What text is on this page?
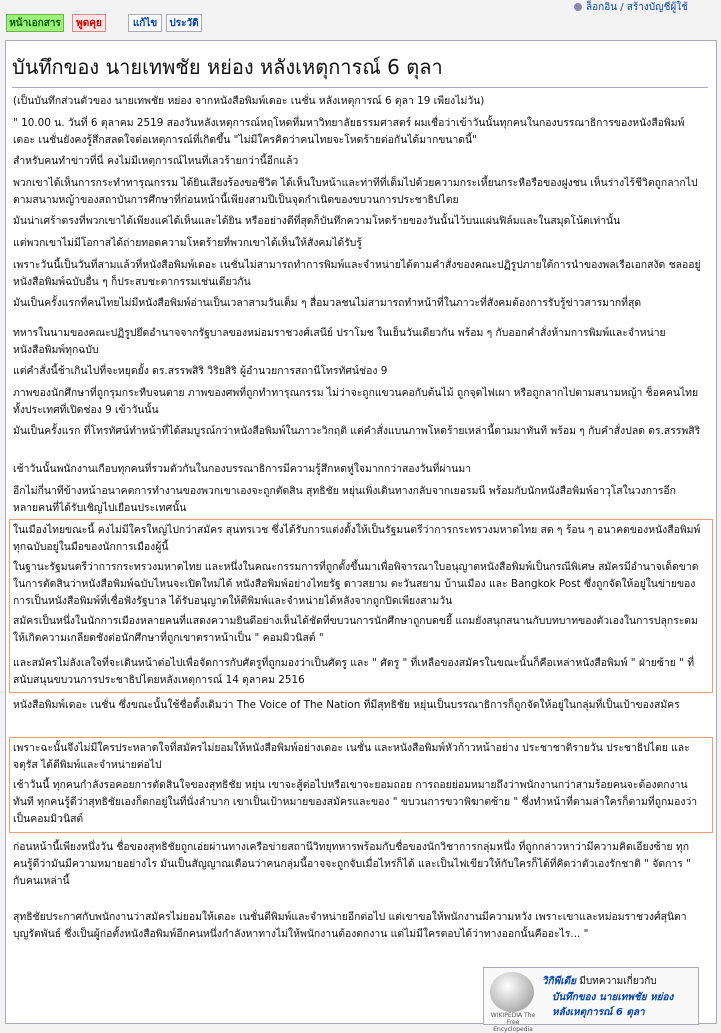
หน้าเอกสาร	พูดคุย	แก้ไข	ประวัติ
ล็อกอิน / สร้างบัญชีผู้ใช้
บันทึกของ นายเทพชัย หย่อง หลังเหตุการณ์ 6 ตุลา
(เป็นบันทึกส่วนตัวของ นายเทพชัย หย่อง จากหนังสือพิมพ์เดอะ เนชั่น หลังเหตุการณ์ 6 ตุลา 19 เพียงไม่วัน)
" 10.00 น. วันที่ 6 ตุลาคม 2519 สองวันหลังเหตุการณ์หฤโหดที่มหาวิทยาลัยธรรมศาสตร์ ผมเชื่อว่าเข้าวันนั้นทุกคนในกองบรรณาธิการของหนังสือพิมพ์เดอะ เนชั่นยังคงรู้สึกสลดใจต่อเหตุการณ์ที่เกิดขึ้น "ไม่มีใครคิดว่าคนไทยจะโหดร้ายต่อกันได้มากขนาดนี้"
สำหรับคนทำข่าวที่นี่ คงไม่มีเหตุการณ์ไหนที่เลวร้ายกว่านี้อีกแล้ว
พวกเขาได้เห็นการกระทำทารุณกรรม ได้ยินเสียงร้องขอชีวิต ได้เห็นใบหน้าและท่าทีที่เต็มไปด้วยความกระเหี้ยนกระหือรือของฝูงชน เห็นร่างไร้ชีวิตถูกลากไปตามสนามหญ้าของสถาบันการศึกษาที่ก่อนหน้านี้เพียงสามปีเป็นจุดกำเนิดของขบวนการประชาธิปไตย
มันน่าเศร้าตรงที่พวกเขาได้เพียงแค่ได้เห็นและได้ยิน หรืออย่างดีที่สุดก็บันทึกความโหดร้ายของวันนั้นไว้บนแผ่นฟิล์มและในสมุดโน้ตเท่านั้น
แต่พวกเขาไม่มีโอกาสได้ถ่ายทอดความโหดร้ายที่พวกเขาได้เห็นให้สังคมได้รับรู้
เพราะวันนี้เป็นวันที่สามแล้วที่หนังสือพิมพ์เดอะ เนชั่นไม่สามารถทำการพิมพ์และจำหน่ายได้ตามคำสั่งของคณะปฏิรูปภายใต้การนำของพลเรือเอกสงัด ชลออยู่ หนังสือพิมพ์ฉบับอื่น ๆ ก็ประสบชะตากรรมเช่นเดียวกัน
มันเป็นครั้งแรกที่คนไทยไม่มีหนังสือพิมพ์อ่านเป็นเวลาสามวันเต็ม ๆ สื่อมวลชนไม่สามารถทำหน้าที่ในภาวะที่สังคมต้องการรับรู้ข่าวสารมากที่สุด
ทหารในนามของคณะปฏิรูปยึดอำนาจจากรัฐบาลของหม่อมราชวงศ์เสนีย์ ปราโมช ในเย็นวันเดียวกัน พร้อม ๆ กับออกคำสั่งห้ามการพิมพ์และจำหน่ายหนังสือพิมพ์ทุกฉบับ
แต่คำสั่งนี้ช้าเกินไปที่จะหยุดยั้ง ดร.สรรพสิริ วิริยสิริ ผู้อำนวยการสถานีโทรทัศน์ช่อง 9
ภาพของนักศึกษาที่ถูกรุมกระทืบจนตาย ภาพของศพที่ถูกทำทารุณกรรม ไม่ว่าจะถูกแขวนคอกับต้นไม้ ถูกจุดไฟเผา หรือถูกลากไปตามสนามหญ้า ช็อคคนไทยทั้งประเทศที่เปิดช่อง 9 เข้าวันนั้น
มันเป็นครั้งแรก ที่โทรทัศน์ทำหน้าที่ได้สมบูรณ์กว่าหนังสือพิมพ์ในภาวะวิกฤติ แต่คำสั่งแบนภาพโหดร้ายเหล่านี้ตามมาทันที พร้อม ๆ กับคำสั่งปลด ดร.สรรพสิริ
เช้าวันนั้นพนักงานเกือบทุกคนที่รวมตัวกันในกองบรรณาธิการมีความรู้สึกหดหู่ใจมากกว่าสองวันที่ผ่านมา
อีกไม่กี่นาทีข้างหน้าอนาคตการทำงานของพวกเขาเองจะถูกตัดสิน สุทธิชัย หยุ่นเพิ่งเดินทางกลับจากเยอรมนี พร้อมกับนักหนังสือพิมพ์อาวุโสในวงการอีกหลายคนที่ได้รับเชิญไปเยือนประเทศนั้น
ในเมืองไทยขณะนี้ คงไม่มีใครใหญ่ไปกว่าสมัคร สุนทรเวช ซึ่งได้รับการแต่งตั้งให้เป็นรัฐมนตรีว่าการกระทรวงมหาดไทย สด ๆ ร้อน ๆ อนาคตของหนังสือพิมพ์ทุกฉบับอยู่ในมือของนักการเมืองผู้นี้
ในฐานะรัฐมนตรีว่าการกระทรวงมหาดไทย และหนึ่งในคณะกรรมการที่ถูกตั้งขึ้นมาเพื่อพิจารณาใบอนุญาตหนังสือพิมพ์เป็นกรณีพิเศษ สมัครมีอำนาจเด็ดขาดในการตัดสินว่าหนังสือพิมพ์ฉบับไหนจะเปิดใหม่ได้ หนังสือพิมพ์อย่างไทยรัฐ ดาวสยาม ตะวันสยาม บ้านเมือง และ Bangkok Post ซึ่งถูกจัดให้อยู่ในข่ายของการเป็นหนังสือพิมพ์ที่เชื่อฟังรัฐบาล ได้รับอนุญาตให้ตีพิมพ์และจำหน่ายได้หลังจากถูกปิดเพียงสามวัน
สมัครเป็นหนึ่งในนักการเมืองหลายคนที่แสดงความยินดีอย่างเห็นได้ชัดที่ขบวนการนักศึกษาถูกบดขยี้ แถมยังสนุกสนานกับบทบาทของตัวเองในการปลุกระดมให้เกิดความเกลียดชังต่อนักศึกษาที่ถูกเขาตราหน้าเป็น " คอมมิวนิสต์ "
และสมัครไม่ลังเลใจที่จะเดินหน้าต่อไปเพื่อจัดการกับศัตรูที่ถูกมองว่าเป็นศัตรู และ " ศัตรู " ที่เหลือของสมัครในขณะนั้นก็คือเหล่าหนังสือพิมพ์ " ฝ่ายซ้าย " ที่สนับสนุนขบวนการประชาธิปไตยหลังเหตุการณ์ 14 ตุลาคม 2516
หนังสือพิมพ์เดอะ เนชั่น ซึ่งขณะนั้นใช้ชื่อดั้งเดิมว่า The Voice of The Nation ที่มีสุทธิชัย หยุ่นเป็นบรรณาธิการก็ถูกจัดให้อยู่ในกลุ่มที่เป็นเป้าของสมัคร
เพราะฉะนั้นจึงไม่มีใครประหลาดใจที่สมัครไม่ยอมให้หนังสือพิมพ์อย่างเดอะ เนชั่น และหนังสือพิมพ์หัวก้าวหน้าอย่าง ประชาชาติรายวัน ประชาธิปไตย และจตุรัส ได้ตีพิมพ์และจำหน่ายต่อไป
เช้าวันนี้ ทุกคนกำลังรอคอยการตัดสินใจของสุทธิชัย หยุ่น เขาจะสู้ต่อไปหรือเขาจะยอมถอย การถอยย่อมหมายถึงว่าพนักงานกว่าสามร้อยคนจะต้องตกงานทันที ทุกคนรู้ดีว่าสุทธิชัยเองก็ตกอยู่ในที่นั่งลำบาก เขาเป็นเป้าหมายของสมัครและของ " ขบวนการขวาพิฆาตซ้าย " ซึ่งทำหน้าที่ตามล่าใครก็ตามที่ถูกมองว่าเป็นคอมมิวนิสต์
ก่อนหน้านี้เพียงหนึ่งวัน ชื่อของสุทธิชัยถูกเอ่ยผ่านทางเครือข่ายสถานีวิทยุทหารพร้อมกับชื่อของนักวิชาการกลุ่มหนึ่ง ที่ถูกกล่าวหาว่ามีความคิดเอียงซ้าย ทุกคนรู้ดีว่ามันมีความหมายอย่างไร มันเป็นสัญญาณเตือนว่าคนกลุ่มนี้อาจจะถูกจับเมื่อไหร่ก็ได้ และเป็นไฟเขียวให้กับใครก็ได้ที่คิดว่าตัวเองรักชาติ " จัดการ " กับคนเหล่านี้
สุทธิชัยประกาศกับพนักงานว่าสมัครไม่ยอมให้เดอะ เนชั่นตีพิมพ์และจำหน่ายอีกต่อไป แต่เขาขอให้พนักงานมีความหวัง เพราะเขาและหม่อมราชวงศ์สุนิตา บุญรัตพันธ์ ซึ่งเป็นผู้ก่อตั้งหนังสือพิมพ์อีกคนหนึ่งกำลังหาทางไม่ให้พนักงานต้องตกงาน แต่ไม่มีใครตอบได้ว่าทางออกนั้นคืออะไร... "
WIKIPEDIA The Free Encyclopedia
วิกิพีเดีย มีบทความเกี่ยวกับ
บันทึกของ นายเทพชัย หย่อง
หลังเหตุการณ์ 6 ตุลา
